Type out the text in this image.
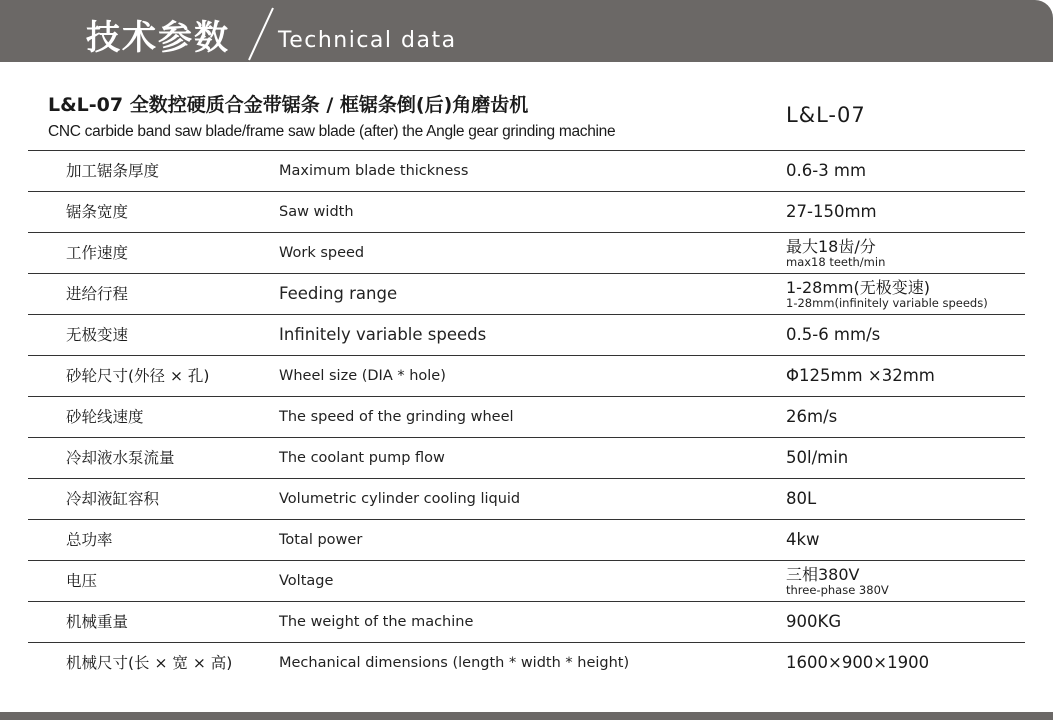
技术参数 Technical data
L&L-07 全数控硬质合金带锯条 / 框锯条倒(后)角磨齿机
CNC carbide band saw blade/frame saw blade (after) the Angle gear grinding machine
L&L-07
加工锯条厚度	Maximum blade thickness	0.6-3 mm
锯条宽度	Saw width	27-150mm
工作速度	Work speed	最大18齿/分
max18 teeth/min
进给行程	Feeding range	1-28mm(无极变速)
1-28mm(infinitely variable speeds)
无极变速	Infinitely variable speeds	0.5-6 mm/s
砂轮尺寸(外径 × 孔)	Wheel size (DIA * hole)	Φ125mm ×32mm
砂轮线速度	The speed of the grinding wheel	26m/s
冷却液水泵流量	The coolant pump flow	50l/min
冷却液缸容积	Volumetric cylinder cooling liquid	80L
总功率	Total power	4kw
电压	Voltage	三相380V
three-phase 380V
机械重量	The weight of the machine	900KG
机械尺寸(长 × 宽 × 高)	Mechanical dimensions (length * width * height)	1600×900×1900
